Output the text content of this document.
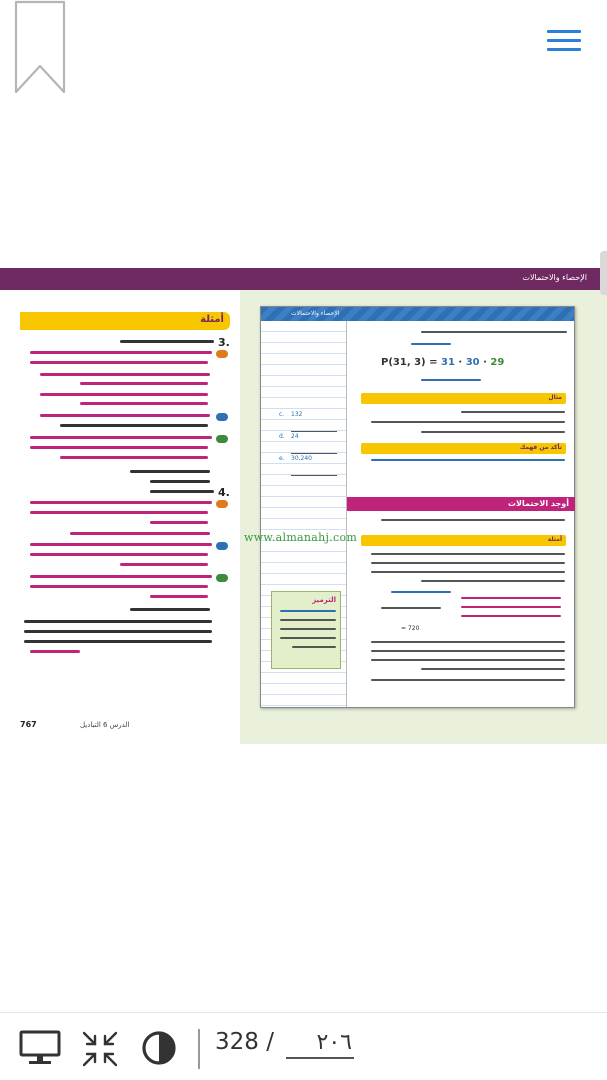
الإحصاء والاحتمالات
أمثلة
3.
4.
767	الدرس 6 التباديل
الإحصاء والاحتمالات
الترميز
c. 132
d. 24
e. 30,240
P(31, 3) = 31 · 30 · 29
مثال
تأكد من فهمك
أوجد الاحتمالات
أمثلة
= 720
www.almanahj.com
328 /
٢٠٦
